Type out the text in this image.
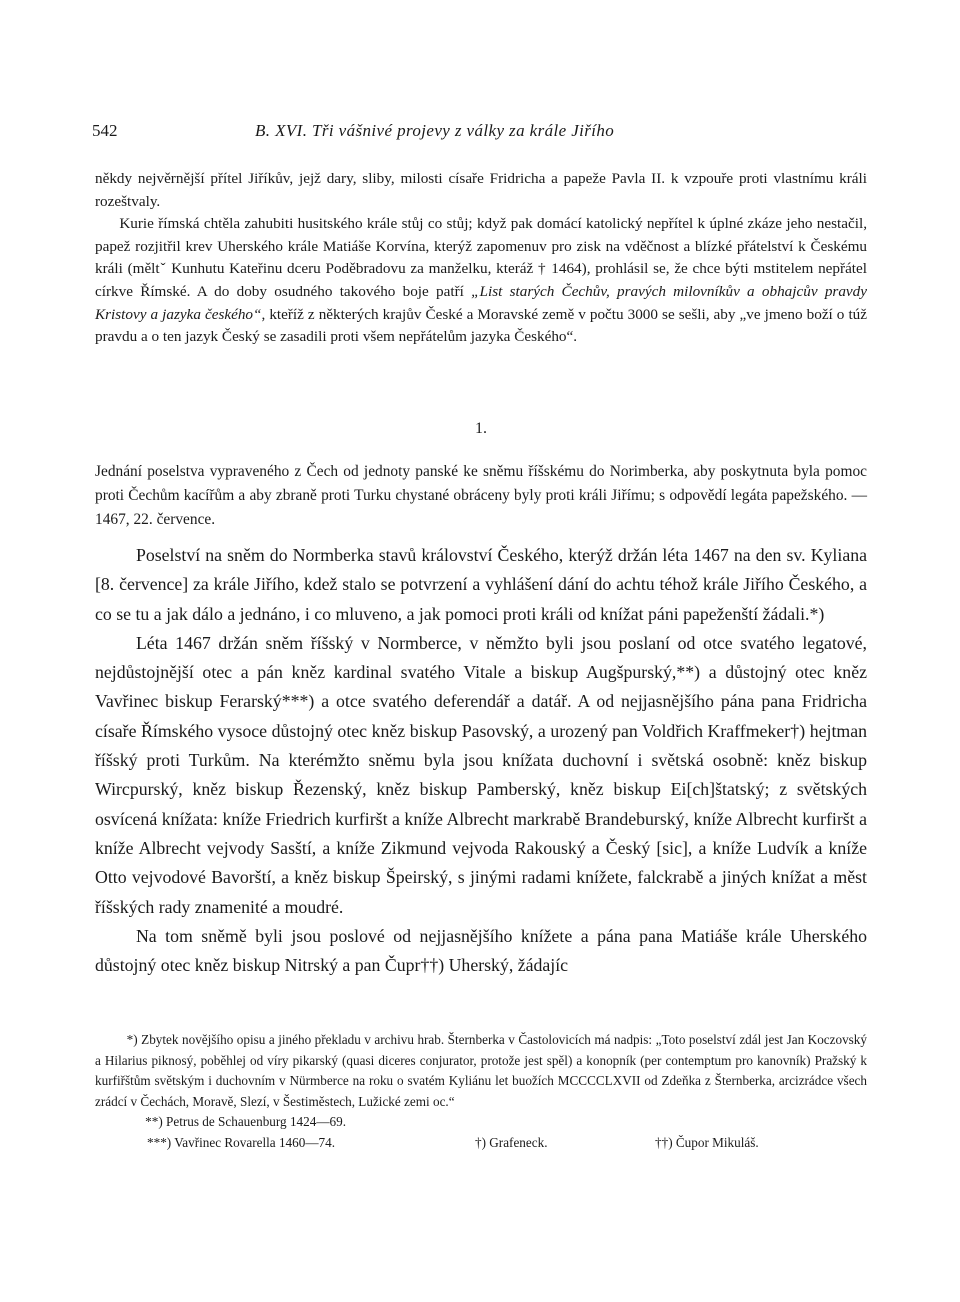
542	B. XVI. Tři vášnivé projevy z války za krále Jiřího

někdy nejvěrnější přítel Jiříkův, jejž dary, sliby, milosti císaře Fridricha a papeže Pavla II. k vzpouře proti vlastnímu králi rozeštvaly.

Kurie římská chtěla zahubiti husitského krále stůj co stůj; když pak domácí katolický nepřítel k úplné zkáze jeho nestačil, papež rozjitřil krev Uherského krále Matiáše Korvína, kterýž zapomenuv pro zisk na vděčnost a blízké přátelství k Českému králi (měltˇ Kunhutu Kateřinu dceru Poděbradovu za manželku, kteráž † 1464), prohlásil se, že chce býti mstitelem nepřátel církve Římské. A do doby osudného takového boje patří „List starých Čechův, pravých milovníkův a obhajcův pravdy Kristovy a jazyka českého“, kteříž z některých krajův České a Moravské země v počtu 3000 se sešli, aby „ve jmeno boží o túž pravdu a o ten jazyk Český se zasadili proti všem nepřátelům jazyka Českého“.

1.

Jednání poselstva vypraveného z Čech od jednoty panské ke sněmu říšskému do Norimberka, aby poskytnuta byla pomoc proti Čechům kacířům a aby zbraně proti Turku chystané obráceny byly proti králi Jiřímu; s odpovědí legáta papežského. — 1467, 22. července.

Poselství na sněm do Normberka stavů království Českého, kterýž držán léta 1467 na den sv. Kyliana [8. července] za krále Jiřího, kdež stalo se potvrzení a vyhlášení dání do achtu téhož krále Jiřího Českého, a co se tu a jak dálo a jednáno, i co mluveno, a jak pomoci proti králi od knížat páni papeženští žádali.*)

Léta 1467 držán sněm říšský v Normberce, v němžto byli jsou poslaní od otce svatého legatové, nejdůstojnější otec a pán kněz kardinal svatého Vitale a biskup Augšpurský,**) a důstojný otec kněz Vavřinec biskup Ferarský***) a otce svatého deferendář a datář. A od nejjasnějšího pána pana Fridricha císaře Římského vysoce důstojný otec kněz biskup Pasovský, a urozený pan Voldřich Kraffmeker†) hejtman říšský proti Turkům. Na kterémžto sněmu byla jsou knížata duchovní i světská osobně: kněz biskup Wircpurský, kněz biskup Řezenský, kněz biskup Pamberský, kněz biskup Ei[ch]štatský; z světských osvícená knížata: kníže Friedrich kurfiršt a kníže Albrecht markrabě Brandeburský, kníže Albrecht kurfiršt a kníže Albrecht vejvody Sasští, a kníže Zikmund vejvoda Rakouský a Český [sic], a kníže Ludvík a kníže Otto vejvodové Bavorští, a kněz biskup Špeirský, s jinými radami knížete, falckrabě a jiných knížat a měst říšských rady znamenité a moudré.

Na tom sněmě byli jsou poslové od nejjasnějšího knížete a pána pana Matiáše krále Uherského důstojný otec kněz biskup Nitrský a pan Čupr††) Uherský, žádajíc

*) Zbytek novějšího opisu a jiného překladu v archivu hrab. Šternberka v Častolovicích má nadpis: „Toto poselství zdál jest Jan Koczovský a Hilarius piknosý, poběhlej od víry pikarský (quasi diceres conjurator, protože jest spěl) a konopník (per contemptum pro kanovník) Pražský k kurfiřštům světským i duchovním v Nürmberce na roku o svatém Kyliánu let buožích MCCCCLXVII od Zdeňka z Šternberka, arcizrádce všech zrádcí v Čechách, Moravě, Slezí, v Šestiměstech, Lužické zemi oc.“

**) Petrus de Schauenburg 1424—69.

***) Vavřinec Rovarella 1460—74.	†) Grafeneck.	††) Čupor Mikuláš.
